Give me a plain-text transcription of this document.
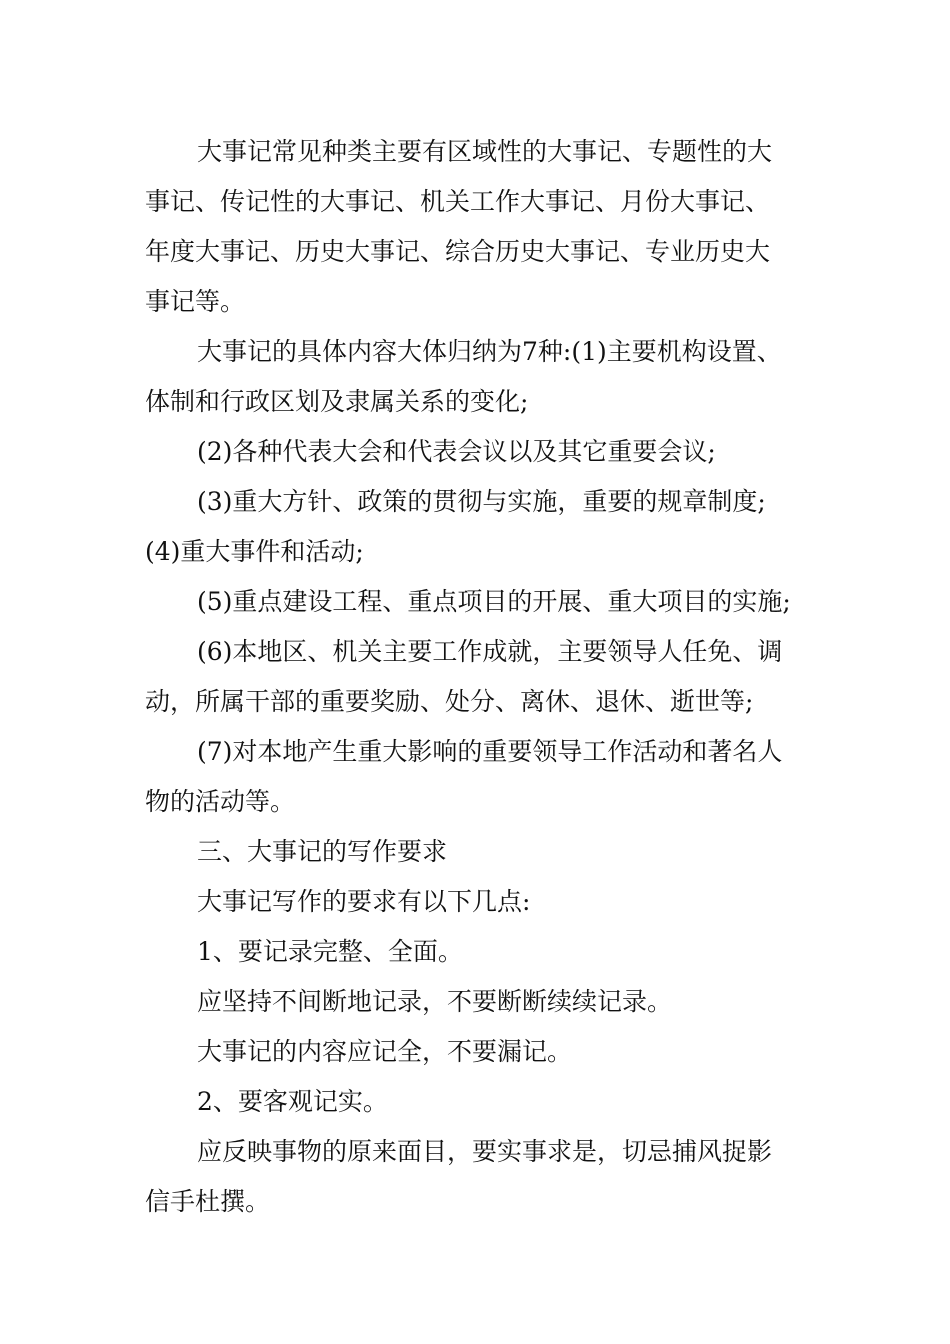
大事记常见种类主要有区域性的大事记、专题性的大

事记、传记性的大事记、机关工作大事记、月份大事记、

年度大事记、历史大事记、综合历史大事记、专业历史大

事记等。

大事记的具体内容大体归纳为7种:(1)主要机构设置、

体制和行政区划及隶属关系的变化;

(2)各种代表大会和代表会议以及其它重要会议;

(3)重大方针、政策的贯彻与实施，重要的规章制度;

(4)重大事件和活动;

(5)重点建设工程、重点项目的开展、重大项目的实施;

(6)本地区、机关主要工作成就，主要领导人任免、调

动，所属干部的重要奖励、处分、离休、退休、逝世等;

(7)对本地产生重大影响的重要领导工作活动和著名人

物的活动等。

三、大事记的写作要求

大事记写作的要求有以下几点:

1、要记录完整、全面。

应坚持不间断地记录，不要断断续续记录。

大事记的内容应记全，不要漏记。

2、要客观记实。

应反映事物的原来面目，要实事求是，切忌捕风捉影

信手杜撰。
